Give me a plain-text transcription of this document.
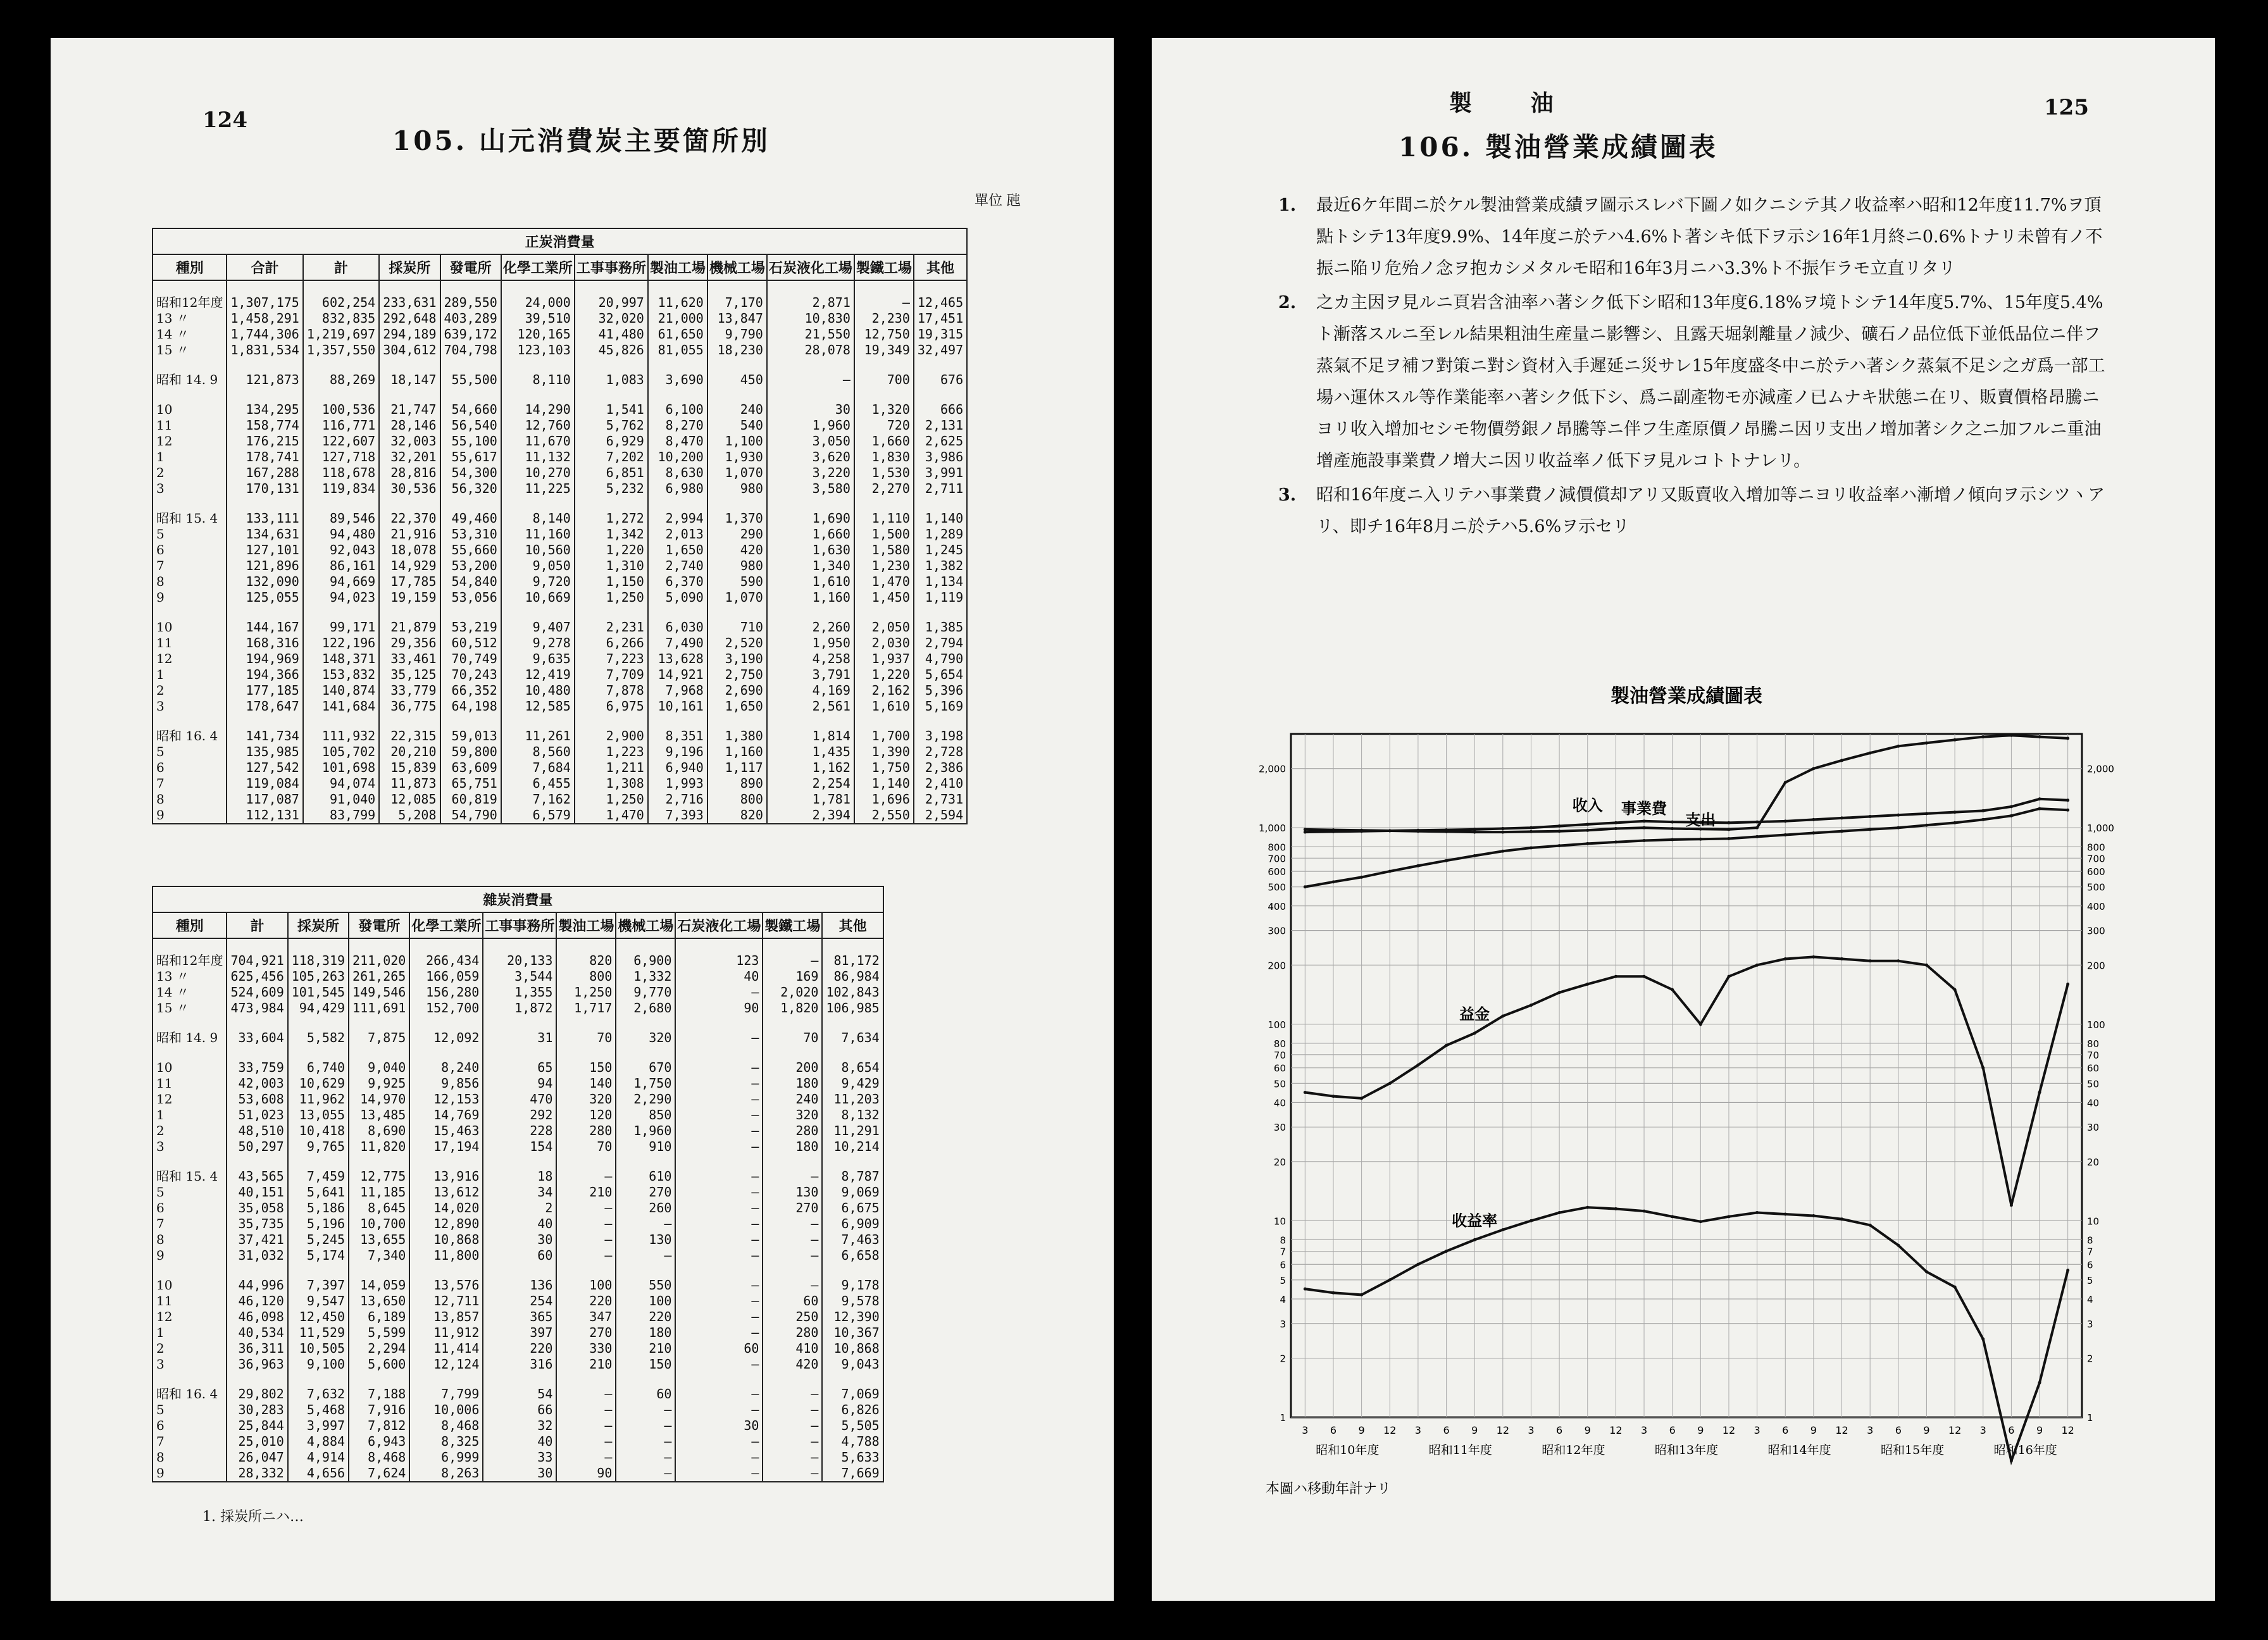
124
105. 山元消費炭主要箇所別
單位 瓲
正炭消費量											
種別	合計	計	採炭所	發電所	化學工業所	工事事務所	製油工場	機械工場	石炭液化工場	製鐵工場	其他

昭和12年度	1,307,175	602,254	233,631	289,550	24,000	20,997	11,620	7,170	2,871	—	12,465
13 〃	1,458,291	832,835	292,648	403,289	39,510	32,020	21,000	13,847	10,830	2,230	17,451
14 〃	1,744,306	1,219,697	294,189	639,172	120,165	41,480	61,650	9,790	21,550	12,750	19,315
15 〃	1,831,534	1,357,550	304,612	704,798	123,103	45,826	81,055	18,230	28,078	19,349	32,497

昭和 14. 9	121,873	88,269	18,147	55,500	8,110	1,083	3,690	450	—	700	676

10	134,295	100,536	21,747	54,660	14,290	1,541	6,100	240	30	1,320	666
11	158,774	116,771	28,146	56,540	12,760	5,762	8,270	540	1,960	720	2,131
12	176,215	122,607	32,003	55,100	11,670	6,929	8,470	1,100	3,050	1,660	2,625
1	178,741	127,718	32,201	55,617	11,132	7,202	10,200	1,930	3,620	1,830	3,986
2	167,288	118,678	28,816	54,300	10,270	6,851	8,630	1,070	3,220	1,530	3,991
3	170,131	119,834	30,536	56,320	11,225	5,232	6,980	980	3,580	2,270	2,711

昭和 15. 4	133,111	89,546	22,370	49,460	8,140	1,272	2,994	1,370	1,690	1,110	1,140
5	134,631	94,480	21,916	53,310	11,160	1,342	2,013	290	1,660	1,500	1,289
6	127,101	92,043	18,078	55,660	10,560	1,220	1,650	420	1,630	1,580	1,245
7	121,896	86,161	14,929	53,200	9,050	1,310	2,740	980	1,340	1,230	1,382
8	132,090	94,669	17,785	54,840	9,720	1,150	6,370	590	1,610	1,470	1,134
9	125,055	94,023	19,159	53,056	10,669	1,250	5,090	1,070	1,160	1,450	1,119

10	144,167	99,171	21,879	53,219	9,407	2,231	6,030	710	2,260	2,050	1,385
11	168,316	122,196	29,356	60,512	9,278	6,266	7,490	2,520	1,950	2,030	2,794
12	194,969	148,371	33,461	70,749	9,635	7,223	13,628	3,190	4,258	1,937	4,790
1	194,366	153,832	35,125	70,243	12,419	7,709	14,921	2,750	3,791	1,220	5,654
2	177,185	140,874	33,779	66,352	10,480	7,878	7,968	2,690	4,169	2,162	5,396
3	178,647	141,684	36,775	64,198	12,585	6,975	10,161	1,650	2,561	1,610	5,169

昭和 16. 4	141,734	111,932	22,315	59,013	11,261	2,900	8,351	1,380	1,814	1,700	3,198
5	135,985	105,702	20,210	59,800	8,560	1,223	9,196	1,160	1,435	1,390	2,728
6	127,542	101,698	15,839	63,609	7,684	1,211	6,940	1,117	1,162	1,750	2,386
7	119,084	94,074	11,873	65,751	6,455	1,308	1,993	890	2,254	1,140	2,410
8	117,087	91,040	12,085	60,819	7,162	1,250	2,716	800	1,781	1,696	2,731
9	112,131	83,799	5,208	54,790	6,579	1,470	7,393	820	2,394	2,550	2,594
雜炭消費量										
種別	計	採炭所	發電所	化學工業所	工事事務所	製油工場	機械工場	石炭液化工場	製鐵工場	其他

昭和12年度	704,921	118,319	211,020	266,434	20,133	820	6,900	123	—	81,172
13 〃	625,456	105,263	261,265	166,059	3,544	800	1,332	40	169	86,984
14 〃	524,609	101,545	149,546	156,280	1,355	1,250	9,770	—	2,020	102,843
15 〃	473,984	94,429	111,691	152,700	1,872	1,717	2,680	90	1,820	106,985

昭和 14. 9	33,604	5,582	7,875	12,092	31	70	320	—	70	7,634

10	33,759	6,740	9,040	8,240	65	150	670	—	200	8,654
11	42,003	10,629	9,925	9,856	94	140	1,750	—	180	9,429
12	53,608	11,962	14,970	12,153	470	320	2,290	—	240	11,203
1	51,023	13,055	13,485	14,769	292	120	850	—	320	8,132
2	48,510	10,418	8,690	15,463	228	280	1,960	—	280	11,291
3	50,297	9,765	11,820	17,194	154	70	910	—	180	10,214

昭和 15. 4	43,565	7,459	12,775	13,916	18	—	610	—	—	8,787
5	40,151	5,641	11,185	13,612	34	210	270	—	130	9,069
6	35,058	5,186	8,645	14,020	2	—	260	—	270	6,675
7	35,735	5,196	10,700	12,890	40	—	—	—	—	6,909
8	37,421	5,245	13,655	10,868	30	—	130	—	—	7,463
9	31,032	5,174	7,340	11,800	60	—	—	—	—	6,658

10	44,996	7,397	14,059	13,576	136	100	550	—	—	9,178
11	46,120	9,547	13,650	12,711	254	220	100	—	60	9,578
12	46,098	12,450	6,189	13,857	365	347	220	—	250	12,390
1	40,534	11,529	5,599	11,912	397	270	180	—	280	10,367
2	36,311	10,505	2,294	11,414	220	330	210	60	410	10,868
3	36,963	9,100	5,600	12,124	316	210	150	—	420	9,043

昭和 16. 4	29,802	7,632	7,188	7,799	54	—	60	—	—	7,069
5	30,283	5,468	7,916	10,006	66	—	—	—	—	6,826
6	25,844	3,997	7,812	8,468	32	—	—	30	—	5,505
7	25,010	4,884	6,943	8,325	40	—	—	—	—	4,788
8	26,047	4,914	8,468	6,999	33	—	—	—	—	5,633
9	28,332	4,656	7,624	8,263	30	90	—	—	—	7,669
1. 採炭所ニハ…
製 油	125
106. 製油營業成績圖表
1.	最近6ケ年間ニ於ケル製油營業成績ヲ圖示スレバ下圖ノ如クニシテ其ノ收益率ハ昭和12年度11.7%ヲ頂點トシテ13年度9.9%、14年度ニ於テハ4.6%ト著シキ低下ヲ示シ16年1月終ニ0.6%トナリ未曾有ノ不振ニ陥リ危殆ノ念ヲ抱カシメタルモ昭和16年3月ニハ3.3%ト不振乍ラモ立直リタリ
2.	之カ主因ヲ見ルニ頁岩含油率ハ著シク低下シ昭和13年度6.18%ヲ境トシテ14年度5.7%、15年度5.4%ト漸落スルニ至レル結果粗油生産量ニ影響シ、且露天堀剝離量ノ減少、礦石ノ品位低下並低品位ニ伴フ蒸氣不足ヲ補フ對策ニ對シ資材入手遲延ニ災サレ15年度盛冬中ニ於テハ著シク蒸氣不足シ之ガ爲一部工場ハ運休スル等作業能率ハ著シク低下シ、爲ニ副產物モ亦減產ノ已ムナキ狀態ニ在リ、販賣價格昂騰ニヨリ收入增加セシモ物價勞銀ノ昂騰等ニ伴フ生產原價ノ昂騰ニ因リ支出ノ增加著シク之ニ加フルニ重油增產施設事業費ノ增大ニ因リ收益率ノ低下ヲ見ルコトトナレリ。
3.	昭和16年度ニ入リテハ事業費ノ減價償却アリ又販賣收入增加等ニヨリ收益率ハ漸增ノ傾向ヲ示シツヽアリ、即チ16年8月ニ於テハ5.6%ヲ示セリ
製油營業成績圖表
1	1
2	2
3	3
4	4
5	5
6	6
7	7
8	8
10	10
20	20
30	30
40	40
50	50
60	60
70	70
80	80
100	100
200	200
300	300
400	400
500	500
600	600
700	700
800	800
1,000	1,000
2,000	2,000
3 6 9 12 3 6 9 12 3 6 9 12 3 6 9 12 3 6 9 12 3 6 9 12 3 6 9 12
昭和10年度	昭和11年度	昭和12年度	昭和13年度	昭和14年度	昭和15年度	昭和16年度
事業費
收入
支出
益金
收益率
本圖ハ移動年計ナリ
